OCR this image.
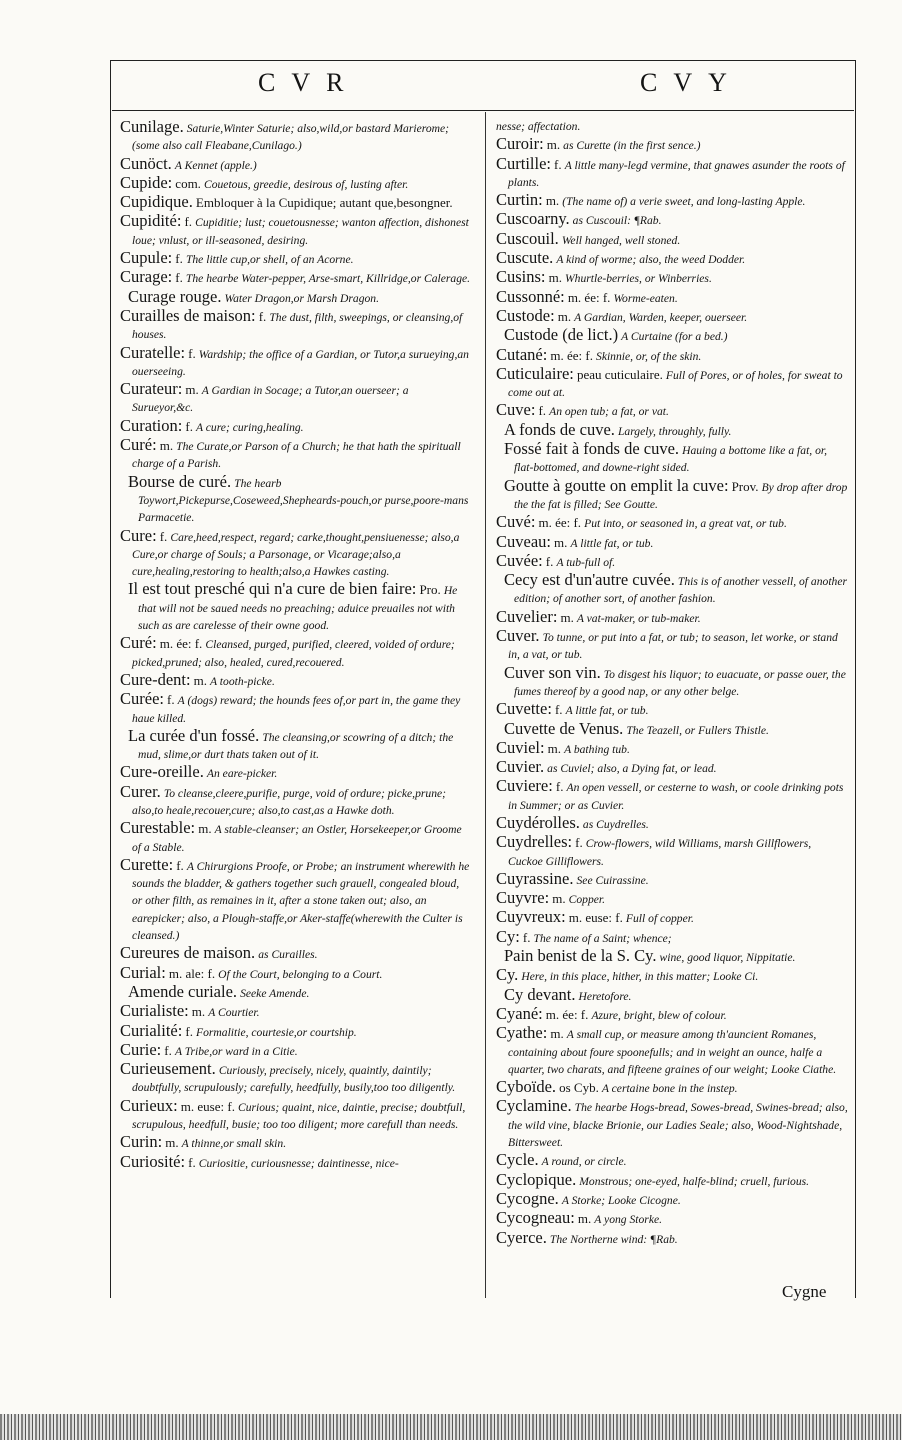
CVR	CVY

Cunilage. Saturie,Winter Saturie; also,wild,or bastard Marierome; (some also call Fleabane,Cunilago.)

Cunöct. A Kennet (apple.)

Cupide: com. Couetous, greedie, desirous of, lusting after.

Cupidique. Embloquer à la Cupidique; autant que,besongner.

Cupidité: f. Cupiditie; lust; couetousnesse; wanton affection, dishonest loue; vnlust, or ill-seasoned, desiring.

Cupule: f. The little cup,or shell, of an Acorne.

Curage: f. The hearbe Water-pepper, Arse-smart, Killridge,or Calerage.

Curage rouge. Water Dragon,or Marsh Dragon.

Curailles de maison: f. The dust, filth, sweepings, or cleansing,of houses.

Curatelle: f. Wardship; the office of a Gardian, or Tutor,a surueying,an ouerseeing.

Curateur: m. A Gardian in Socage; a Tutor,an ouerseer; a Surueyor,&c.

Curation: f. A cure; curing,healing.

Curé: m. The Curate,or Parson of a Church; he that hath the spirituall charge of a Parish.

Bourse de curé. The hearb Toywort,Pickepurse,Coseweed,Shepheards-pouch,or purse,poore-mans Parmacetie.

Cure: f. Care,heed,respect, regard; carke,thought,pensiuenesse; also,a Cure,or charge of Souls; a Parsonage, or Vicarage;also,a cure,healing,restoring to health;also,a Hawkes casting.

Il est tout presché qui n'a cure de bien faire: Pro. He that will not be saued needs no preaching; aduice preuailes not with such as are carelesse of their owne good.

Curé: m. ée: f. Cleansed, purged, purified, cleered, voided of ordure; picked,pruned; also, healed, cured,recouered.

Cure-dent: m. A tooth-picke.

Curée: f. A (dogs) reward; the hounds fees of,or part in, the game they haue killed.

La curée d'un fossé. The cleansing,or scowring of a ditch; the mud, slime,or durt thats taken out of it.

Cure-oreille. An eare-picker.

Curer. To cleanse,cleere,purifie, purge, void of ordure; picke,prune; also,to heale,recouer,cure; also,to cast,as a Hawke doth.

Curestable: m. A stable-cleanser; an Ostler, Horsekeeper,or Groome of a Stable.

Curette: f. A Chirurgions Proofe, or Probe; an instrument wherewith he sounds the bladder, & gathers together such grauell, congealed bloud, or other filth, as remaines in it, after a stone taken out; also, an earepicker; also, a Plough-staffe,or Aker-staffe(wherewith the Culter is cleansed.)

Cureures de maison. as Curailles.

Curial: m. ale: f. Of the Court, belonging to a Court.

Amende curiale. Seeke Amende.

Curialiste: m. A Courtier.

Curialité: f. Formalitie, courtesie,or courtship.

Curie: f. A Tribe,or ward in a Citie.

Curieusement. Curiously, precisely, nicely, quaintly, daintily; doubtfully, scrupulously; carefully, heedfully, busily,too too diligently.

Curieux: m. euse: f. Curious; quaint, nice, daintie, precise; doubtfull, scrupulous, heedfull, busie; too too diligent; more carefull than needs.

Curin: m. A thinne,or small skin.

Curiosité: f. Curiositie, curiousnesse; daintinesse, nice-

nesse; affectation.

Curoir: m. as Curette (in the first sence.)

Curtille: f. A little many-legd vermine, that gnawes asunder the roots of plants.

Curtin: m. (The name of) a verie sweet, and long-lasting Apple.

Cuscoarny. as Cuscouil: ¶Rab.

Cuscouil. Well hanged, well stoned.

Cuscute. A kind of worme; also, the weed Dodder.

Cusins: m. Whurtle-berries, or Winberries.

Cussonné: m. ée: f. Worme-eaten.

Custode: m. A Gardian, Warden, keeper, ouerseer.

Custode (de lict.) A Curtaine (for a bed.)

Cutané: m. ée: f. Skinnie, or, of the skin.

Cuticulaire: peau cuticulaire. Full of Pores, or of holes, for sweat to come out at.

Cuve: f. An open tub; a fat, or vat.

A fonds de cuve. Largely, throughly, fully.

Fossé fait à fonds de cuve. Hauing a bottome like a fat, or, flat-bottomed, and downe-right sided.

Goutte à goutte on emplit la cuve: Prov. By drop after drop the the fat is filled; See Goutte.

Cuvé: m. ée: f. Put into, or seasoned in, a great vat, or tub.

Cuveau: m. A little fat, or tub.

Cuvée: f. A tub-full of.

Cecy est d'un'autre cuvée. This is of another vessell, of another edition; of another sort, of another fashion.

Cuvelier: m. A vat-maker, or tub-maker.

Cuver. To tunne, or put into a fat, or tub; to season, let worke, or stand in, a vat, or tub.

Cuver son vin. To disgest his liquor; to euacuate, or passe ouer, the fumes thereof by a good nap, or any other belge.

Cuvette: f. A little fat, or tub.

Cuvette de Venus. The Teazell, or Fullers Thistle.

Cuviel: m. A bathing tub.

Cuvier. as Cuviel; also, a Dying fat, or lead.

Cuviere: f. An open vessell, or cesterne to wash, or coole drinking pots in Summer; or as Cuvier.

Cuydérolles. as Cuydrelles.

Cuydrelles: f. Crow-flowers, wild Williams, marsh Gillflowers, Cuckoe Gilliflowers.

Cuyrassine. See Cuirassine.

Cuyvre: m. Copper.

Cuyvreux: m. euse: f. Full of copper.

Cy: f. The name of a Saint; whence;

Pain benist de la S. Cy. wine, good liquor, Nippitatie.

Cy. Here, in this place, hither, in this matter; Looke Ci.

Cy devant. Heretofore.

Cyané: m. ée: f. Azure, bright, blew of colour.

Cyathe: m. A small cup, or measure among th'auncient Romanes, containing about foure spoonefulls; and in weight an ounce, halfe a quarter, two charats, and fifteene graines of our weight; Looke Ciathe.

Cyboïde. os Cyb. A certaine bone in the instep.

Cyclamine. The hearbe Hogs-bread, Sowes-bread, Swines-bread; also, the wild vine, blacke Brionie, our Ladies Seale; also, Wood-Nightshade, Bittersweet.

Cycle. A round, or circle.

Cyclopique. Monstrous; one-eyed, halfe-blind; cruell, furious.

Cycogne. A Storke; Looke Cicogne.

Cycogneau: m. A yong Storke.

Cyerce. The Northerne wind: ¶Rab.

Cygne
